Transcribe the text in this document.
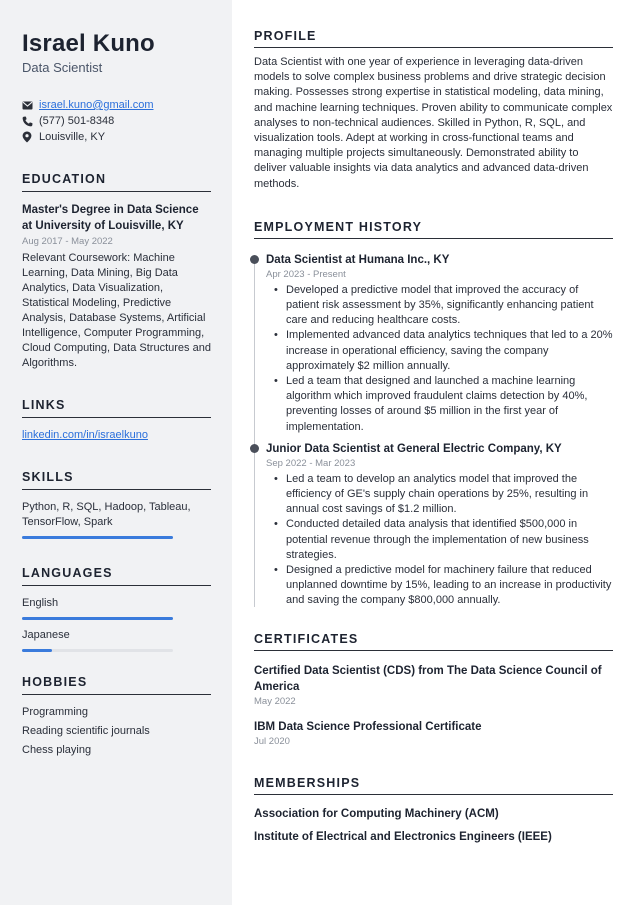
Israel Kuno
Data Scientist
israel.kuno@gmail.com
(577) 501-8348
Louisville, KY
EDUCATION
Master's Degree in Data Science at University of Louisville, KY
Aug 2017 - May 2022
Relevant Coursework: Machine Learning, Data Mining, Big Data Analytics, Data Visualization, Statistical Modeling, Predictive Analysis, Database Systems, Artificial Intelligence, Computer Programming, Cloud Computing, Data Structures and Algorithms.
LINKS
linkedin.com/in/israelkuno
SKILLS
Python, R, SQL, Hadoop, Tableau, TensorFlow, Spark
LANGUAGES
English
Japanese
HOBBIES
Programming
Reading scientific journals
Chess playing
PROFILE
Data Scientist with one year of experience in leveraging data-driven models to solve complex business problems and drive strategic decision making. Possesses strong expertise in statistical modeling, data mining, and machine learning techniques. Proven ability to communicate complex analyses to non-technical audiences. Skilled in Python, R, SQL, and visualization tools. Adept at working in cross-functional teams and managing multiple projects simultaneously. Demonstrated ability to deliver valuable insights via data analytics and advanced data-driven methods.
EMPLOYMENT HISTORY
Data Scientist at Humana Inc., KY
Apr 2023 - Present
• Developed a predictive model that improved the accuracy of patient risk assessment by 35%, significantly enhancing patient care and reducing healthcare costs.
• Implemented advanced data analytics techniques that led to a 20% increase in operational efficiency, saving the company approximately $2 million annually.
• Led a team that designed and launched a machine learning algorithm which improved fraudulent claims detection by 40%, preventing losses of around $5 million in the first year of implementation.
Junior Data Scientist at General Electric Company, KY
Sep 2022 - Mar 2023
• Led a team to develop an analytics model that improved the efficiency of GE's supply chain operations by 25%, resulting in annual cost savings of $1.2 million.
• Conducted detailed data analysis that identified $500,000 in potential revenue through the implementation of new business strategies.
• Designed a predictive model for machinery failure that reduced unplanned downtime by 15%, leading to an increase in productivity and saving the company $800,000 annually.
CERTIFICATES
Certified Data Scientist (CDS) from The Data Science Council of America
May 2022
IBM Data Science Professional Certificate
Jul 2020
MEMBERSHIPS
Association for Computing Machinery (ACM)
Institute of Electrical and Electronics Engineers (IEEE)
